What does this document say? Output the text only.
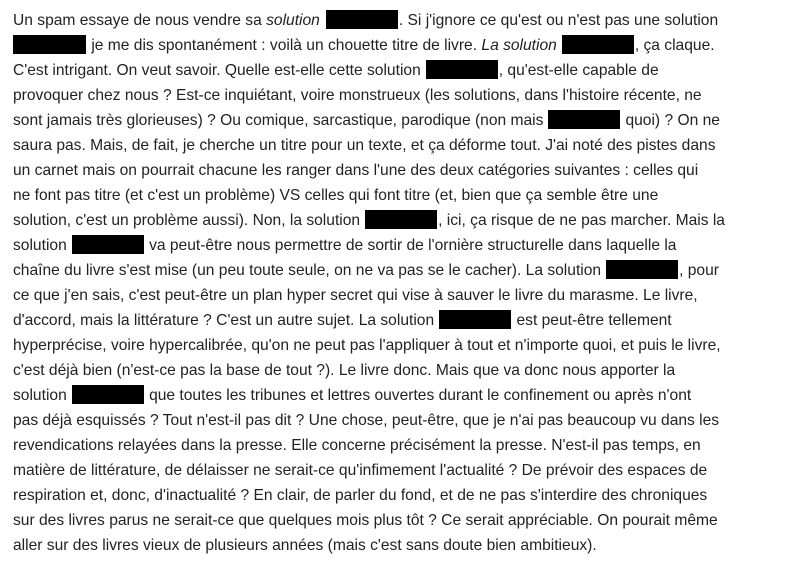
Un spam essaye de nous vendre sa solution	. Si j'ignore ce qu'est ou n'est pas une solution
je me dis spontanément : voilà un chouette titre de livre. La solution	, ça claque.
C'est intrigant. On veut savoir. Quelle est-elle cette solution	, qu'est-elle capable de
provoquer chez nous ? Est-ce inquiétant, voire monstrueux (les solutions, dans l'histoire récente, ne
sont jamais très glorieuses) ? Ou comique, sarcastique, parodique (non mais	quoi) ? On ne
saura pas. Mais, de fait, je cherche un titre pour un texte, et ça déforme tout. J'ai noté des pistes dans
un carnet mais on pourrait chacune les ranger dans l'une des deux catégories suivantes : celles qui
ne font pas titre (et c'est un problème) VS celles qui font titre (et, bien que ça semble être une
solution, c'est un problème aussi). Non, la solution	, ici, ça risque de ne pas marcher. Mais la
solution	va peut-être nous permettre de sortir de l'ornière structurelle dans laquelle la
chaîne du livre s'est mise (un peu toute seule, on ne va pas se le cacher). La solution	, pour
ce que j'en sais, c'est peut-être un plan hyper secret qui vise à sauver le livre du marasme. Le livre,
d'accord, mais la littérature ? C'est un autre sujet. La solution	est peut-être tellement
hyperprécise, voire hypercalibrée, qu'on ne peut pas l'appliquer à tout et n'importe quoi, et puis le livre,
c'est déjà bien (n'est-ce pas la base de tout ?). Le livre donc. Mais que va donc nous apporter la
solution	que toutes les tribunes et lettres ouvertes durant le confinement ou après n'ont
pas déjà esquissés ? Tout n'est-il pas dit ? Une chose, peut-être, que je n'ai pas beaucoup vu dans les
revendications relayées dans la presse. Elle concerne précisément la presse. N'est-il pas temps, en
matière de littérature, de délaisser ne serait-ce qu'infimement l'actualité ? De prévoir des espaces de
respiration et, donc, d'inactualité ? En clair, de parler du fond, et de ne pas s'interdire des chroniques
sur des livres parus ne serait-ce que quelques mois plus tôt ? Ce serait appréciable. On pourait même
aller sur des livres vieux de plusieurs années (mais c'est sans doute bien ambitieux).
